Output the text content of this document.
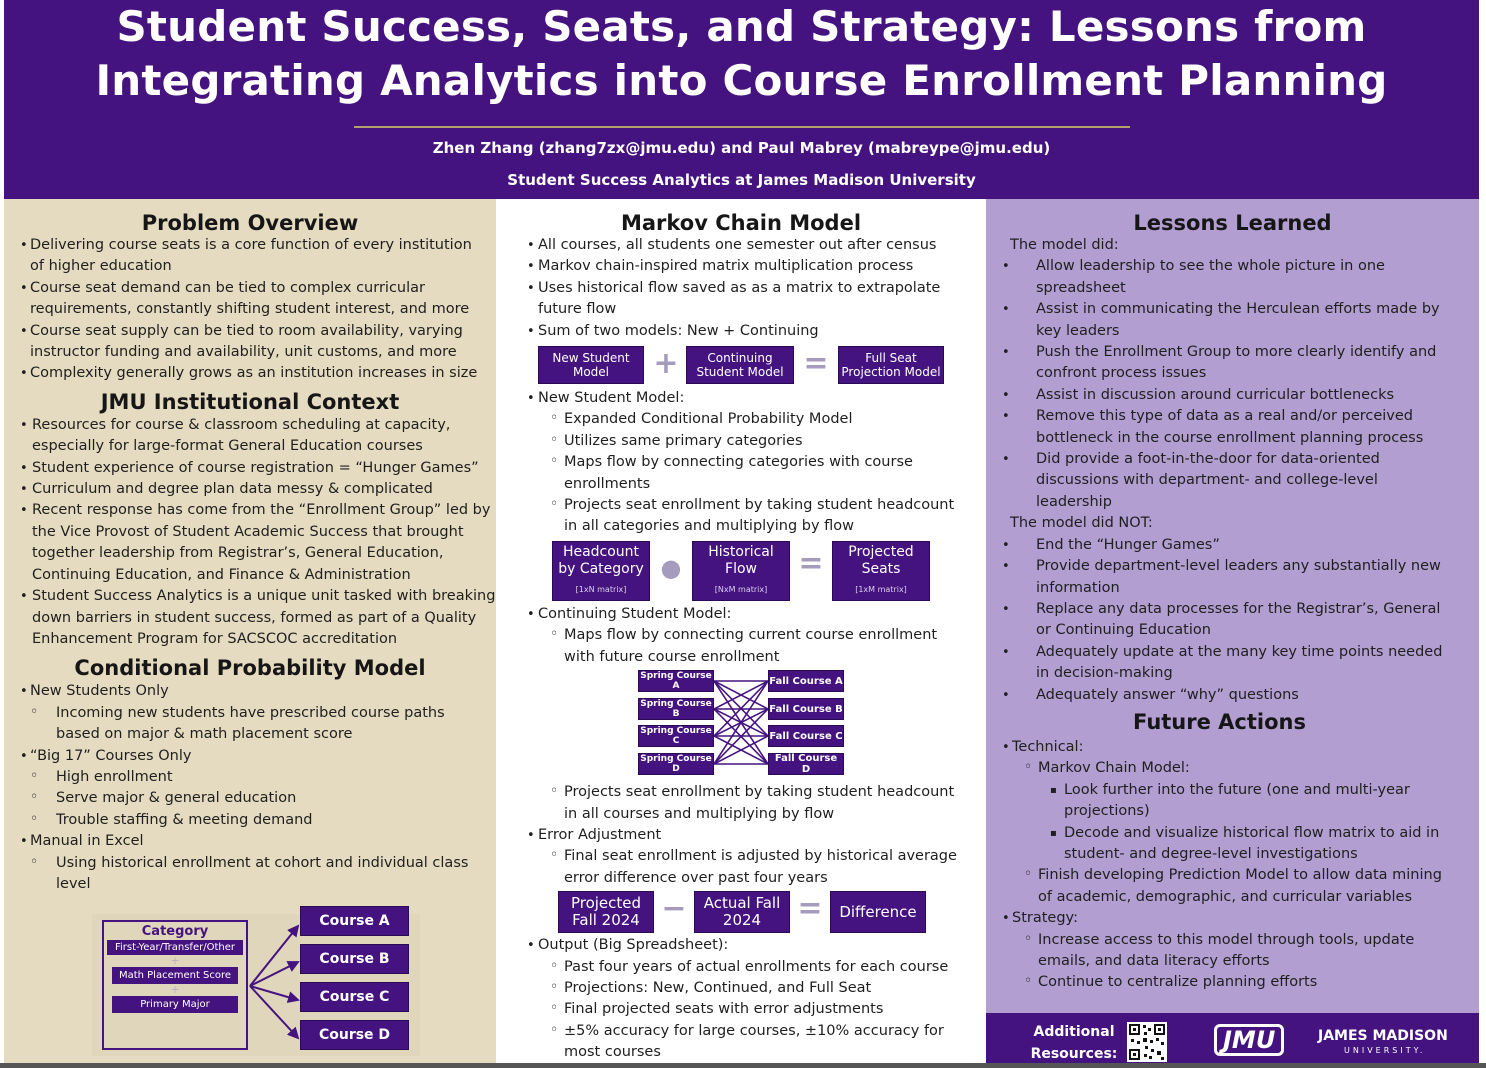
Student Success, Seats, and Strategy: Lessons from
Integrating Analytics into Course Enrollment Planning
Zhen Zhang (zhang7zx@jmu.edu) and Paul Mabrey (mabreype@jmu.edu)
Student Success Analytics at James Madison University
Problem Overview
• Delivering course seats is a core function of every institution of higher education
• Course seat demand can be tied to complex curricular requirements, constantly shifting student interest, and more
• Course seat supply can be tied to room availability, varying instructor funding and availability, unit customs, and more
• Complexity generally grows as an institution increases in size
JMU Institutional Context
• Resources for course & classroom scheduling at capacity, especially for large-format General Education courses
• Student experience of course registration = “Hunger Games”
• Curriculum and degree plan data messy & complicated
• Recent response has come from the “Enrollment Group” led by the Vice Provost of Student Academic Success that brought together leadership from Registrar’s, General Education, Continuing Education, and Finance & Administration
• Student Success Analytics is a unique unit tasked with breaking down barriers in student success, formed as part of a Quality Enhancement Program for SACSCOC accreditation
Conditional Probability Model
• New Students Only
◦ Incoming new students have prescribed course paths based on major & math placement score
• “Big 17” Courses Only
◦ High enrollment
◦ Serve major & general education
◦ Trouble staffing & meeting demand
• Manual in Excel
◦ Using historical enrollment at cohort and individual class level
Category
First-Year/Transfer/Other
+
Math Placement Score
+
Primary Major
Course A
Course B
Course C
Course D
Markov Chain Model
• All courses, all students one semester out after census
• Markov chain-inspired matrix multiplication process
• Uses historical flow saved as as a matrix to extrapolate future flow
• Sum of two models: New + Continuing
New Student Model	+	Continuing Student Model =	Full Seat Projection Model
• New Student Model:
◦ Expanded Conditional Probability Model
◦ Utilizes same primary categories
◦ Maps flow by connecting categories with course enrollments
◦ Projects seat enrollment by taking student headcount in all categories and multiplying by flow
Headcount by Category
[1xN matrix]
●
Historical Flow
[NxM matrix]
=	Projected Seats
[1xM matrix]
• Continuing Student Model:
◦ Maps flow by connecting current course enrollment with future course enrollment
Spring Course A
Spring Course B
Spring Course C
Spring Course D
Fall Course A
Fall Course B
Fall Course C
Fall Course D
◦ Projects seat enrollment by taking student headcount in all courses and multiplying by flow
• Error Adjustment
◦ Final seat enrollment is adjusted by historical average error difference over past four years
Projected Fall 2024 −	Actual Fall 2024	=	Difference
• Output (Big Spreadsheet):
◦ Past four years of actual enrollments for each course
◦ Projections: New, Continued, and Full Seat
◦ Final projected seats with error adjustments
◦ ±5% accuracy for large courses, ±10% accuracy for most courses
Lessons Learned
The model did:
• Allow leadership to see the whole picture in one spreadsheet
• Assist in communicating the Herculean efforts made by key leaders
• Push the Enrollment Group to more clearly identify and confront process issues
• Assist in discussion around curricular bottlenecks
• Remove this type of data as a real and/or perceived bottleneck in the course enrollment planning process
• Did provide a foot-in-the-door for data-oriented discussions with department- and college-level leadership
The model did NOT:
• End the “Hunger Games”
• Provide department-level leaders any substantially new information
• Replace any data processes for the Registrar’s, General or Continuing Education
• Adequately update at the many key time points needed in decision-making
• Adequately answer “why” questions
Future Actions
• Technical:
◦ Markov Chain Model:
▪ Look further into the future (one and multi-year projections)
▪ Decode and visualize historical flow matrix to aid in student- and degree-level investigations
◦ Finish developing Prediction Model to allow data mining of academic, demographic, and curricular variables
• Strategy:
◦ Increase access to this model through tools, update emails, and data literacy efforts
◦ Continue to centralize planning efforts
Additional
Resources:	JMU	JAMES MADISON
UNIVERSITY.
